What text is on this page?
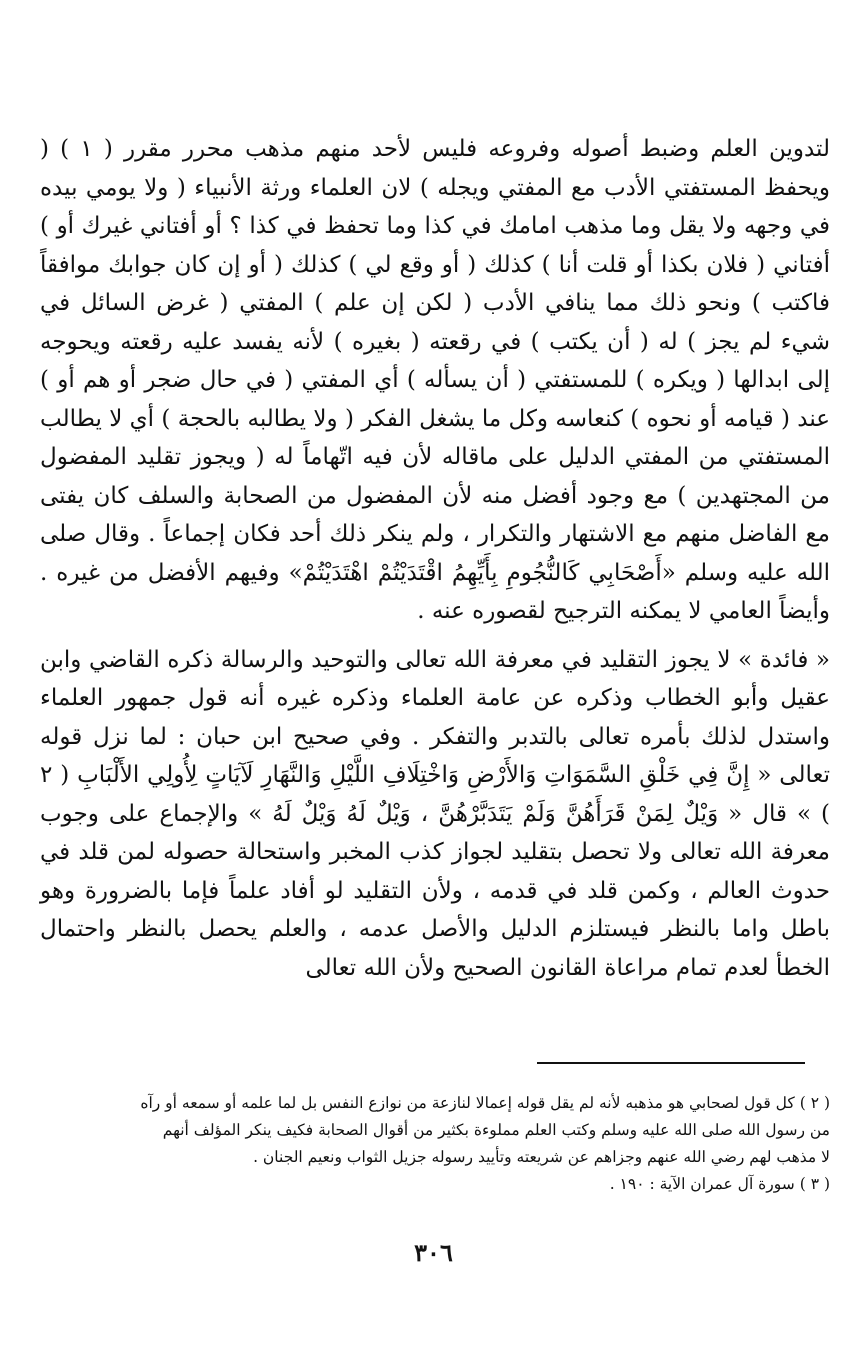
لتدوين العلم وضبط أصوله وفروعه فليس لأحد منهم مذهب محرر مقرر ( ١ ) ( ويحفظ المستفتي الأدب مع المفتي ويجله ) لان العلماء ورثة الأنبياء ( ولا يومي بيده في وجهه ولا يقل وما مذهب امامك في كذا وما تحفظ في كذا ؟ أو أفتاني غيرك أو ) أفتاني ( فلان بكذا أو قلت أنا ) كذلك ( أو وقع لي ) كذلك ( أو إن كان جوابك موافقاً فاكتب ) ونحو ذلك مما ينافي الأدب ( لكن إن علم ) المفتي ( غرض السائل في شيء لم يجز ) له ( أن يكتب ) في رقعته ( بغيره ) لأنه يفسد عليه رقعته ويحوجه إلى ابدالها ( ويكره ) للمستفتي ( أن يسأله ) أي المفتي ( في حال ضجر أو هم أو ) عند ( قيامه أو نحوه ) كنعاسه وكل ما يشغل الفكر ( ولا يطالبه بالحجة ) أي لا يطالب المستفتي من المفتي الدليل على ماقاله لأن فيه اتّهاماً له ( ويجوز تقليد المفضول من المجتهدين ) مع وجود أفضل منه لأن المفضول من الصحابة والسلف كان يفتى مع الفاضل منهم مع الاشتهار والتكرار ، ولم ينكر ذلك أحد فكان إجماعاً . وقال صلى الله عليه وسلم «أَصْحَابِي كَالنُّجُومِ بِأَيِّهِمُ اقْتَدَيْتُمْ اهْتَدَيْتُمْ» وفيهم الأفضل من غيره . وأيضاً العامي لا يمكنه الترجيح لقصوره عنه .

« فائدة » لا يجوز التقليد في معرفة الله تعالى والتوحيد والرسالة ذكره القاضي وابن عقيل وأبو الخطاب وذكره عن عامة العلماء وذكره غيره أنه قول جمهور العلماء واستدل لذلك بأمره تعالى بالتدبر والتفكر . وفي صحيح ابن حبان : لما نزل قوله تعالى « إِنَّ فِي خَلْقِ السَّمَوَاتِ وَالأَرْضِ وَاخْتِلَافِ اللَّيْلِ وَالنَّهَارِ لَآيَاتٍ لِأُولِي الأَلْبَابِ ( ٢ ) » قال « وَيْلٌ لِمَنْ قَرَأَهُنَّ وَلَمْ يَتَدَبَّرْهُنَّ ، وَيْلٌ لَهُ وَيْلٌ لَهُ » والإجماع على وجوب معرفة الله تعالى ولا تحصل بتقليد لجواز كذب المخبر واستحالة حصوله لمن قلد في حدوث العالم ، وكمن قلد في قدمه ، ولأن التقليد لو أفاد علماً فإما بالضرورة وهو باطل واما بالنظر فيستلزم الدليل والأصل عدمه ، والعلم يحصل بالنظر واحتمال الخطأ لعدم تمام مراعاة القانون الصحيح ولأن الله تعالى

( ٢ ) كل قول لصحابي هو مذهبه لأنه لم يقل قوله إعمالا لنازعة من نوازع النفس بل لما علمه أو سمعه أو رآه

من رسول الله صلى الله عليه وسلم وكتب العلم مملوءة بكثير من أقوال الصحابة فكيف ينكر المؤلف أنهم

لا مذهب لهم رضي الله عنهم وجزاهم عن شريعته وتأييد رسوله جزيل الثواب ونعيم الجنان .

( ٣ ) سورة آل عمران الآية : ١٩٠ .

٣٠٦
